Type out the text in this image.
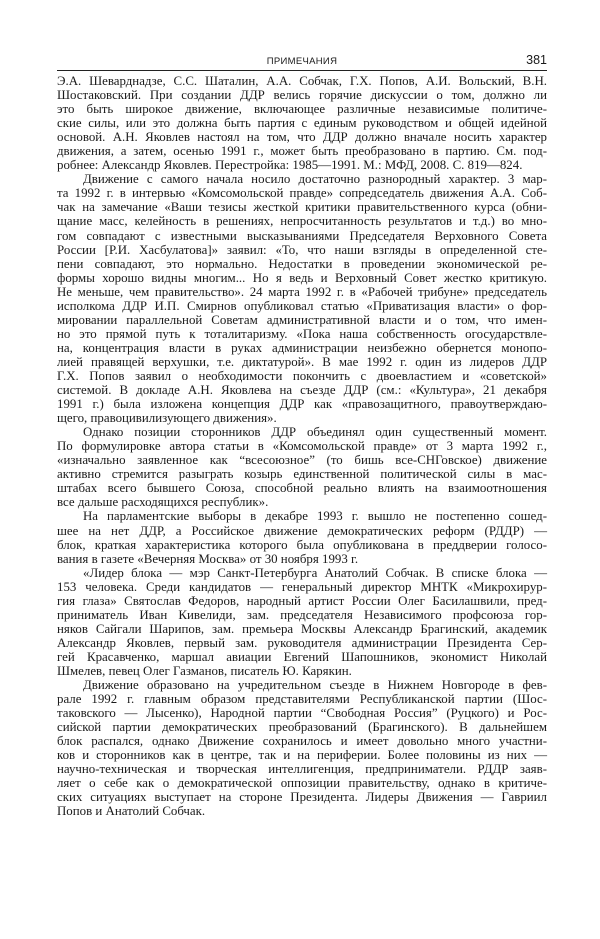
ПРИМЕЧАНИЯ	381
Э.А. Шеварднадзе, С.С. Шаталин, А.А. Собчак, Г.Х. Попов, А.И. Вольский, В.Н.
Шостаковский. При создании ДДР велись горячие дискуссии о том, должно ли
это быть широкое движение, включающее различные независимые политиче-
ские силы, или это должна быть партия с единым руководством и общей идейной
основой. А.Н. Яковлев настоял на том, что ДДР должно вначале носить характер
движения, а затем, осенью 1991 г., может быть преобразовано в партию. См. под-
робнее: Александр Яковлев. Перестройка: 1985—1991. М.: МФД, 2008. С. 819—824.
Движение с самого начала носило достаточно разнородный характер. 3 мар-
та 1992 г. в интервью «Комсомольской правде» сопредседатель движения А.А. Соб-
чак на замечание «Ваши тезисы жесткой критики правительственного курса (обни-
щание масс, келейность в решениях, непросчитанность результатов и т.д.) во мно-
гом совпадают с известными высказываниями Председателя Верховного Совета
России [Р.И. Хасбулатова]» заявил: «То, что наши взгляды в определенной сте-
пени совпадают, это нормально. Недостатки в проведении экономической ре-
формы хорошо видны многим... Но я ведь и Верховный Совет жестко критикую.
Не меньше, чем правительство». 24 марта 1992 г. в «Рабочей трибуне» председатель
исполкома ДДР И.П. Смирнов опубликовал статью «Приватизация власти» о фор-
мировании параллельной Советам административной власти и о том, что имен-
но это прямой путь к тоталитаризму. «Пока наша собственность огосударствле-
на, концентрация власти в руках администрации неизбежно обернется монопо-
лией правящей верхушки, т.е. диктатурой». В мае 1992 г. один из лидеров ДДР
Г.Х. Попов заявил о необходимости покончить с двоевластием и «советской»
системой. В докладе А.Н. Яковлева на съезде ДДР (см.: «Культура», 21 декабря
1991 г.) была изложена концепция ДДР как «правозащитного, правоутверждаю-
щего, правоцивилизующего движения».
Однако позиции сторонников ДДР объединял один существенный момент.
По формулировке автора статьи в «Комсомольской правде» от 3 марта 1992 г.,
«изначально заявленное как “всесоюзное” (то бишь все-СНГовское) движение
активно стремится разыграть козырь единственной политической силы в мас-
штабах всего бывшего Союза, способной реально влиять на взаимоотношения
все дальше расходящихся республик».
На парламентские выборы в декабре 1993 г. вышло не постепенно сошед-
шее на нет ДДР, а Российское движение демократических реформ (РДДР) —
блок, краткая характеристика которого была опубликована в преддверии голосо-
вания в газете «Вечерняя Москва» от 30 ноября 1993 г.
«Лидер блока — мэр Санкт-Петербурга Анатолий Собчак. В списке блока —
153 человека. Среди кандидатов — генеральный директор МНТК «Микрохирур-
гия глаза» Святослав Федоров, народный артист России Олег Басилашвили, пред-
приниматель Иван Кивелиди, зам. председателя Независимого профсоюза гор-
няков Сайгали Шарипов, зам. премьера Москвы Александр Брагинский, академик
Александр Яковлев, первый зам. руководителя администрации Президента Сер-
гей Красавченко, маршал авиации Евгений Шапошников, экономист Николай
Шмелев, певец Олег Газманов, писатель Ю. Карякин.
Движение образовано на учредительном съезде в Нижнем Новгороде в фев-
рале 1992 г. главным образом представителями Республиканской партии (Шос-
таковского — Лысенко), Народной партии “Свободная Россия” (Руцкого) и Рос-
сийской партии демократических преобразований (Брагинского). В дальнейшем
блок распался, однако Движение сохранилось и имеет довольно много участни-
ков и сторонников как в центре, так и на периферии. Более половины из них —
научно-техническая и творческая интеллигенция, предприниматели. РДДР заяв-
ляет о себе как о демократической оппозиции правительству, однако в критиче-
ских ситуациях выступает на стороне Президента. Лидеры Движения — Гавриил
Попов и Анатолий Собчак.
